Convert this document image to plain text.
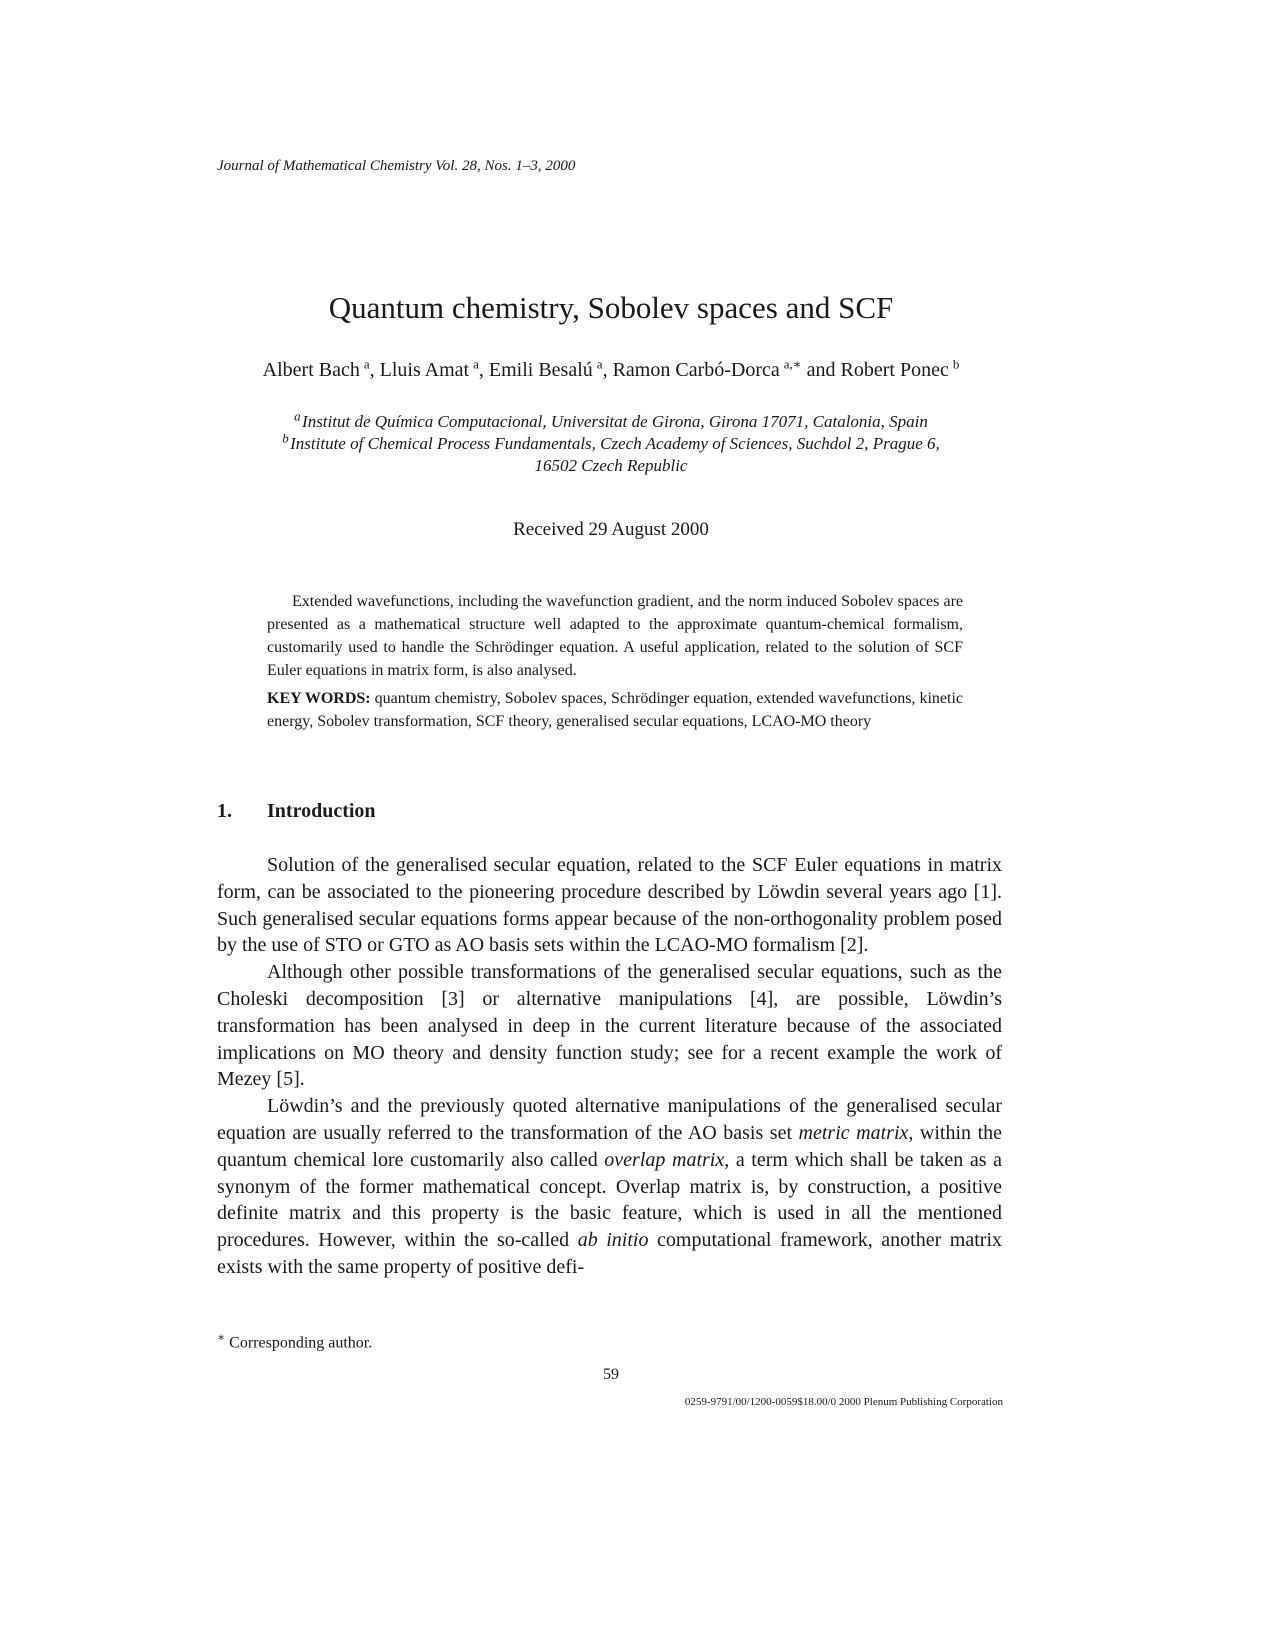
Journal of Mathematical Chemistry Vol. 28, Nos. 1–3, 2000
Quantum chemistry, Sobolev spaces and SCF
Albert Bach  $^a$, Lluis Amat  $^a$, Emili Besalú  $^a$, Ramon Carbó-Dorca  $^{a,∗}$ and Robert Ponec  $^b$
$^a$ Institut de Química Computacional, Universitat de Girona, Girona 17071, Catalonia, Spain
$^b$ Institute of Chemical Process Fundamentals, Czech Academy of Sciences, Suchdol 2, Prague 6,
16502 Czech Republic
Received 29 August 2000

Extended wavefunctions, including the wavefunction gradient, and the norm induced Sobolev spaces are presented as a mathematical structure well adapted to the approximate quantum-chemical formalism, customarily used to handle the Schrödinger equation. A useful application, related to the solution of SCF Euler equations in matrix form, is also analysed.

KEY WORDS: quantum chemistry, Sobolev spaces, Schrödinger equation, extended wavefunctions, kinetic energy, Sobolev transformation, SCF theory, generalised secular equations, LCAO-MO theory

1. Introduction

Solution of the generalised secular equation, related to the SCF Euler equations in matrix form, can be associated to the pioneering procedure described by Löwdin several years ago [1]. Such generalised secular equations forms appear because of the non-orthogonality problem posed by the use of STO or GTO as AO basis sets within the LCAO-MO formalism [2].

Although other possible transformations of the generalised secular equations, such as the Choleski decomposition [3] or alternative manipulations [4], are possible, Löwdin’s transformation has been analysed in deep in the current literature because of the associated implications on MO theory and density function study; see for a recent example the work of Mezey [5].

Löwdin’s and the previously quoted alternative manipulations of the generalised secular equation are usually referred to the transformation of the AO basis set metric matrix, within the quantum chemical lore customarily also called overlap matrix, a term which shall be taken as a synonym of the former mathematical concept. Overlap matrix is, by construction, a positive definite matrix and this property is the basic feature, which is used in all the mentioned procedures. However, within the so-called ab initio computational framework, another matrix exists with the same property of positive defi-

∗ Corresponding author.
59
0259-9791/00/1200-0059$18.00/0 2000 Plenum Publishing Corporation
